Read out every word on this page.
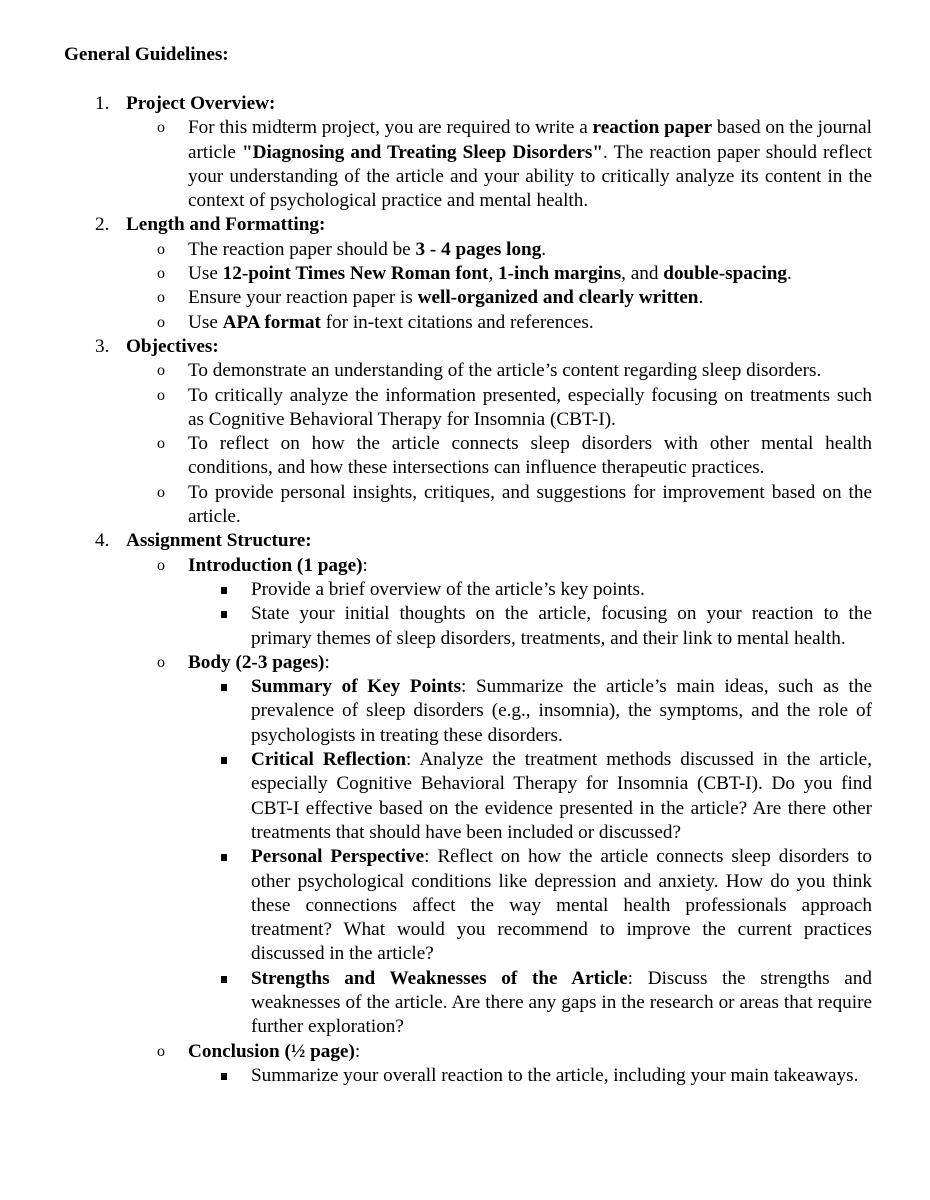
General Guidelines:
1. Project Overview:
o For this midterm project, you are required to write a reaction paper based on the journal article "Diagnosing and Treating Sleep Disorders". The reaction paper should reflect your understanding of the article and your ability to critically analyze its content in the context of psychological practice and mental health.
2. Length and Formatting:
o The reaction paper should be 3 - 4 pages long.
o Use 12-point Times New Roman font, 1-inch margins, and double-spacing.
o Ensure your reaction paper is well-organized and clearly written.
o Use APA format for in-text citations and references.
3. Objectives:
o To demonstrate an understanding of the article’s content regarding sleep disorders.
o To critically analyze the information presented, especially focusing on treatments such as Cognitive Behavioral Therapy for Insomnia (CBT-I).
o To reflect on how the article connects sleep disorders with other mental health conditions, and how these intersections can influence therapeutic practices.
o To provide personal insights, critiques, and suggestions for improvement based on the article.
4. Assignment Structure:
o Introduction (1 page):
Provide a brief overview of the article’s key points.
State your initial thoughts on the article, focusing on your reaction to the primary themes of sleep disorders, treatments, and their link to mental health.
o Body (2-3 pages):
Summary of Key Points: Summarize the article’s main ideas, such as the prevalence of sleep disorders (e.g., insomnia), the symptoms, and the role of psychologists in treating these disorders.
Critical Reflection: Analyze the treatment methods discussed in the article, especially Cognitive Behavioral Therapy for Insomnia (CBT-I). Do you find CBT-I effective based on the evidence presented in the article? Are there other treatments that should have been included or discussed?
Personal Perspective: Reflect on how the article connects sleep disorders to other psychological conditions like depression and anxiety. How do you think these connections affect the way mental health professionals approach treatment? What would you recommend to improve the current practices discussed in the article?
Strengths and Weaknesses of the Article: Discuss the strengths and weaknesses of the article. Are there any gaps in the research or areas that require further exploration?
o Conclusion (½ page):
Summarize your overall reaction to the article, including your main takeaways.
